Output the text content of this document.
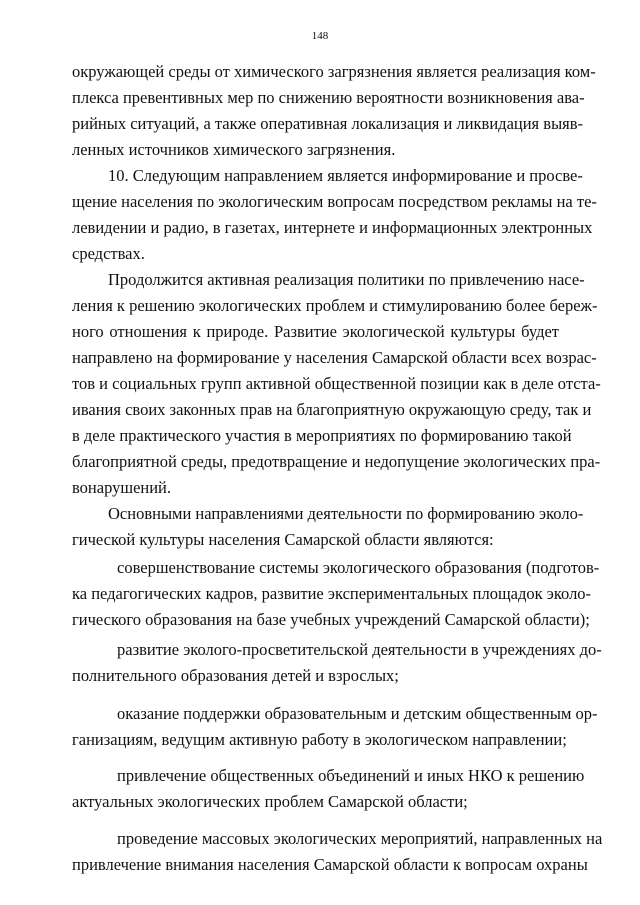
148
окружающей среды от химического загрязнения является реализация ком-
плекса превентивных мер по снижению вероятности возникновения ава-
рийных ситуаций, а также оперативная локализация и ликвидация выяв-
ленных источников химического загрязнения.
10. Следующим направлением является информирование и просве-
щение населения по экологическим вопросам посредством рекламы на те-
левидении и радио, в газетах, интернете и информационных электронных
средствах.
Продолжится активная реализация политики по привлечению насе-
ления к решению экологических проблем и стимулированию более береж-
ного отношения к природе. Развитие экологической культуры будет
направлено на формирование у населения Самарской области всех возрас-
тов и социальных групп активной общественной позиции как в деле отста-
ивания своих законных прав на благоприятную окружающую среду, так и
в деле практического участия в мероприятиях по формированию такой
благоприятной среды, предотвращение и недопущение экологических пра-
вонарушений.
Основными направлениями деятельности по формированию эколо-
гической культуры населения Самарской области являются:
совершенствование системы экологического образования (подготов-
ка педагогических кадров, развитие экспериментальных площадок эколо-
гического образования на базе учебных учреждений Самарской области);
развитие эколого-просветительской деятельности в учреждениях до-
полнительного образования детей и взрослых;
оказание поддержки образовательным и детским общественным ор-
ганизациям, ведущим активную работу в экологическом направлении;
привлечение общественных объединений и иных НКО к решению
актуальных экологических проблем Самарской области;
проведение массовых экологических мероприятий, направленных на
привлечение внимания населения Самарской области к вопросам охраны
